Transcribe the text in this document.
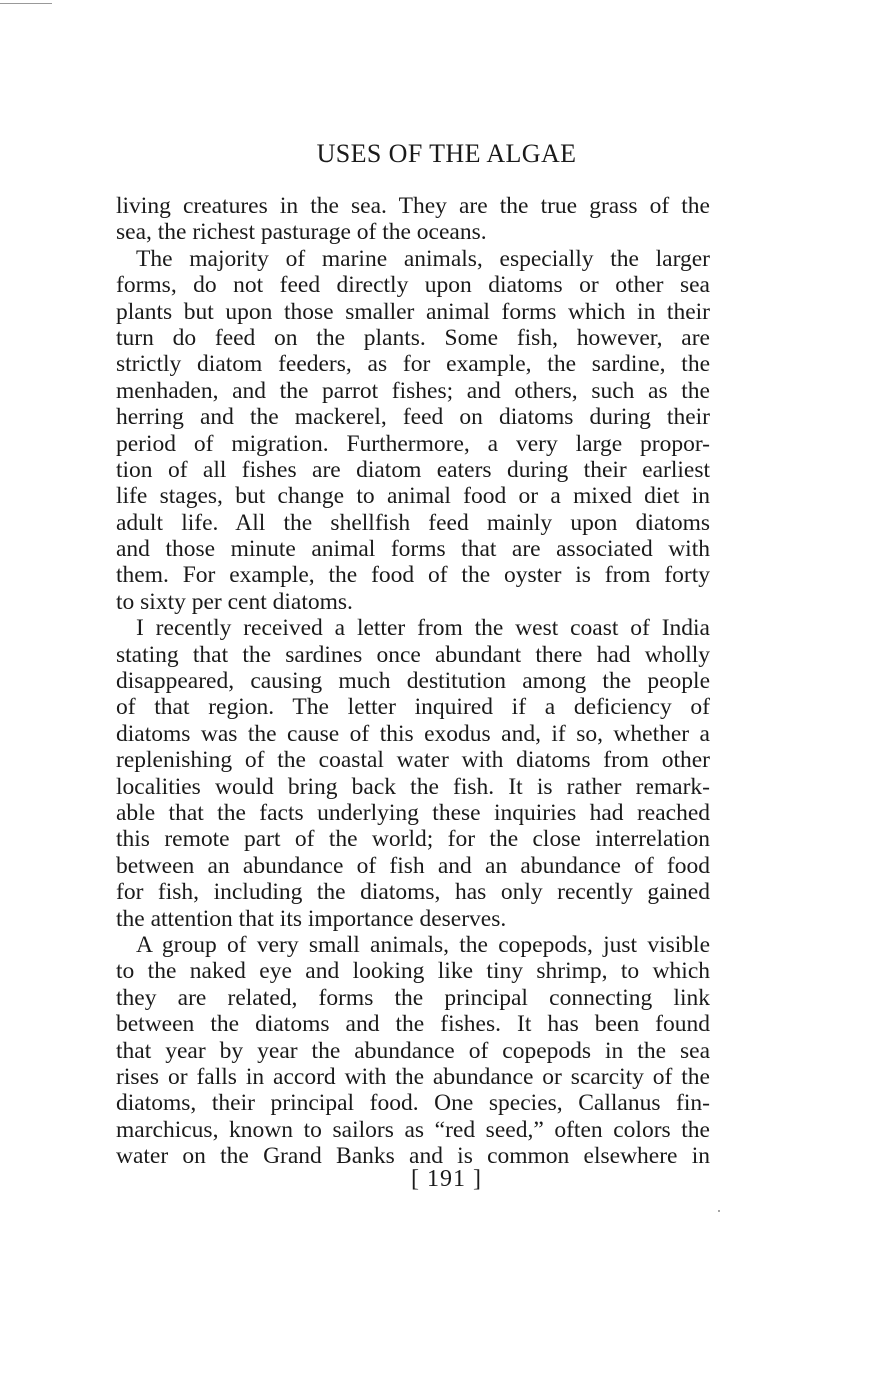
USES OF THE ALGAE
living creatures in the sea. They are the true grass of the
sea, the richest pasturage of the oceans.
The majority of marine animals, especially the larger
forms, do not feed directly upon diatoms or other sea
plants but upon those smaller animal forms which in their
turn do feed on the plants. Some fish, however, are
strictly diatom feeders, as for example, the sardine, the
menhaden, and the parrot fishes; and others, such as the
herring and the mackerel, feed on diatoms during their
period of migration. Furthermore, a very large propor-
tion of all fishes are diatom eaters during their earliest
life stages, but change to animal food or a mixed diet in
adult life. All the shellfish feed mainly upon diatoms
and those minute animal forms that are associated with
them. For example, the food of the oyster is from forty
to sixty per cent diatoms.
I recently received a letter from the west coast of India
stating that the sardines once abundant there had wholly
disappeared, causing much destitution among the people
of that region. The letter inquired if a deficiency of
diatoms was the cause of this exodus and, if so, whether a
replenishing of the coastal water with diatoms from other
localities would bring back the fish. It is rather remark-
able that the facts underlying these inquiries had reached
this remote part of the world; for the close interrelation
between an abundance of fish and an abundance of food
for fish, including the diatoms, has only recently gained
the attention that its importance deserves.
A group of very small animals, the copepods, just visible
to the naked eye and looking like tiny shrimp, to which
they are related, forms the principal connecting link
between the diatoms and the fishes. It has been found
that year by year the abundance of copepods in the sea
rises or falls in accord with the abundance or scarcity of the
diatoms, their principal food. One species, Callanus fin-
marchicus, known to sailors as “red seed,” often colors the
water on the Grand Banks and is common elsewhere in
[ 191 ]
